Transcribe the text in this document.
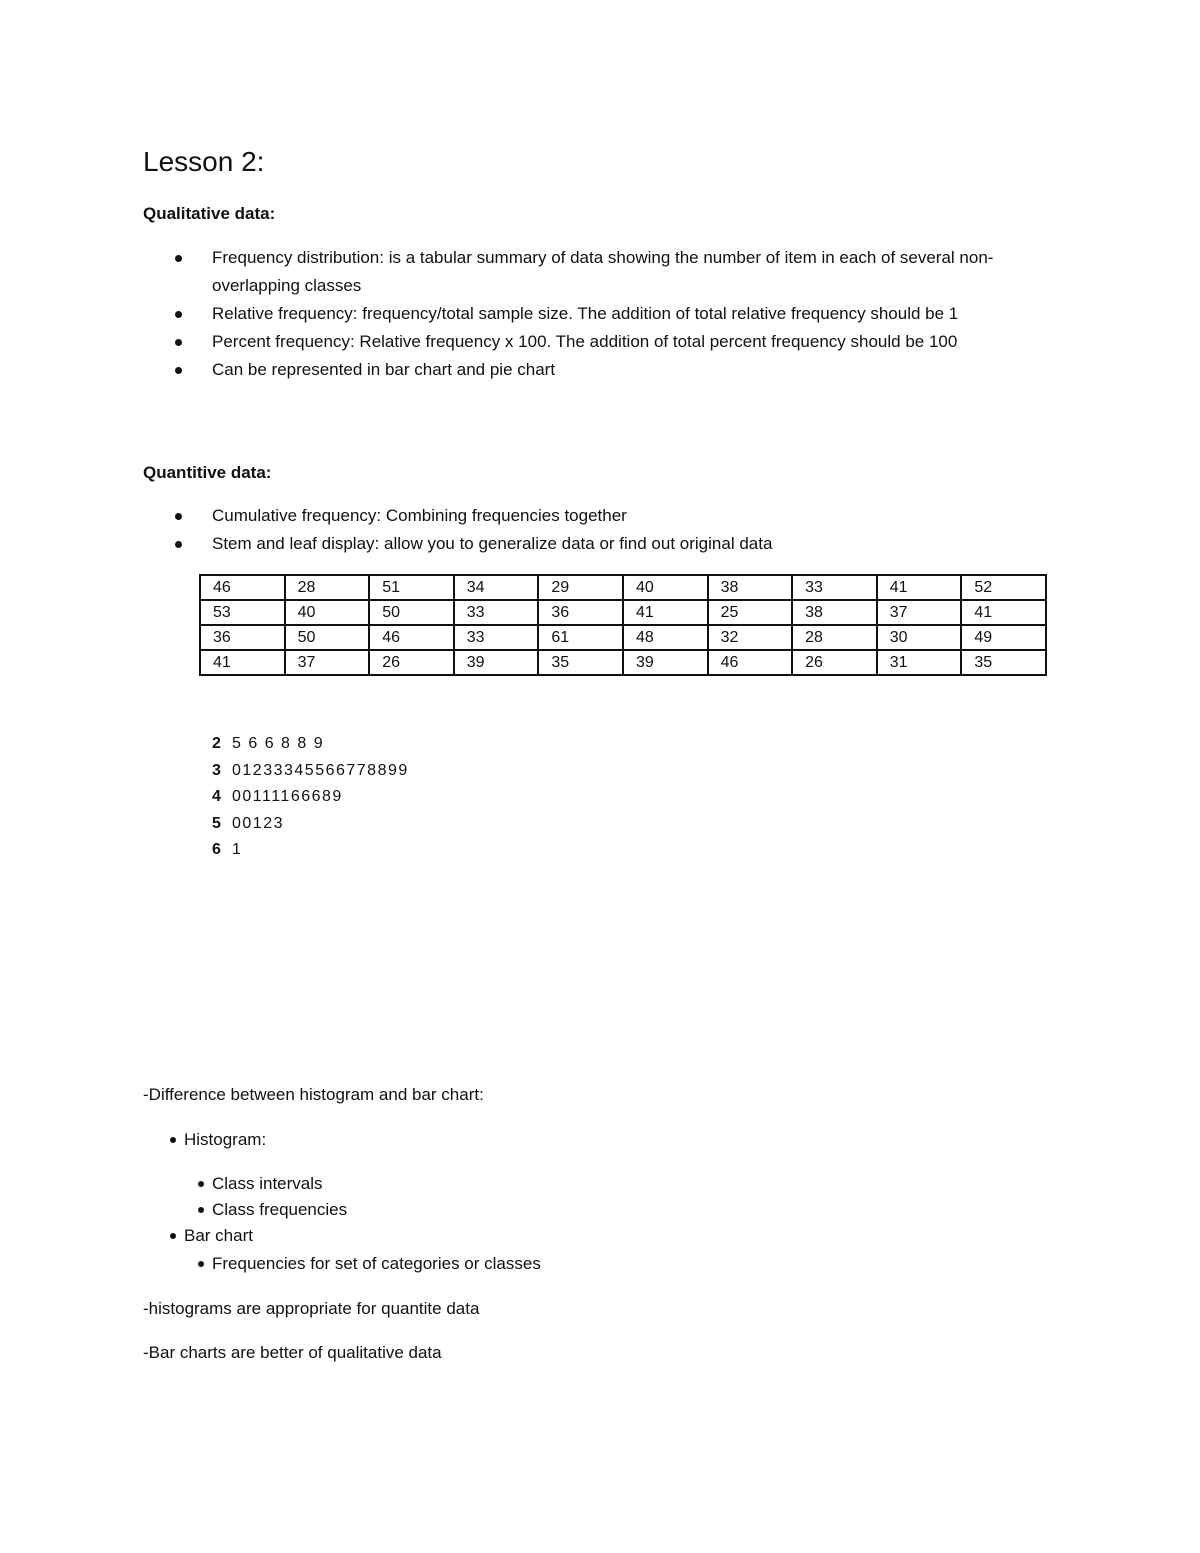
Lesson 2:

Qualitative data:

Frequency distribution: is a tabular summary of data showing the number of item in each of several non-overlapping classes
Relative frequency: frequency/total sample size. The addition of total relative frequency should be 1
Percent frequency: Relative frequency x 100. The addition of total percent frequency should be 100
Can be represented in bar chart and pie chart

Quantitive data:

Cumulative frequency: Combining frequencies together
Stem and leaf display: allow you to generalize data or find out original data
46	28	51	34	29	40	38	33	41	52
53	40	50	33	36	41	25	38	37	41
36	50	46	33	61	48	32	28	30	49
41	37	26	39	35	39	46	26	31	35
2 5 6 6 8 8 9
3 01233345566778899
4 00111166689
5 00123
6 1

-Difference between histogram and bar chart:

Histogram:
Class intervals
Class frequencies
Bar chart
Frequencies for set of categories or classes

-histograms are appropriate for quantite data

-Bar charts are better of qualitative data
